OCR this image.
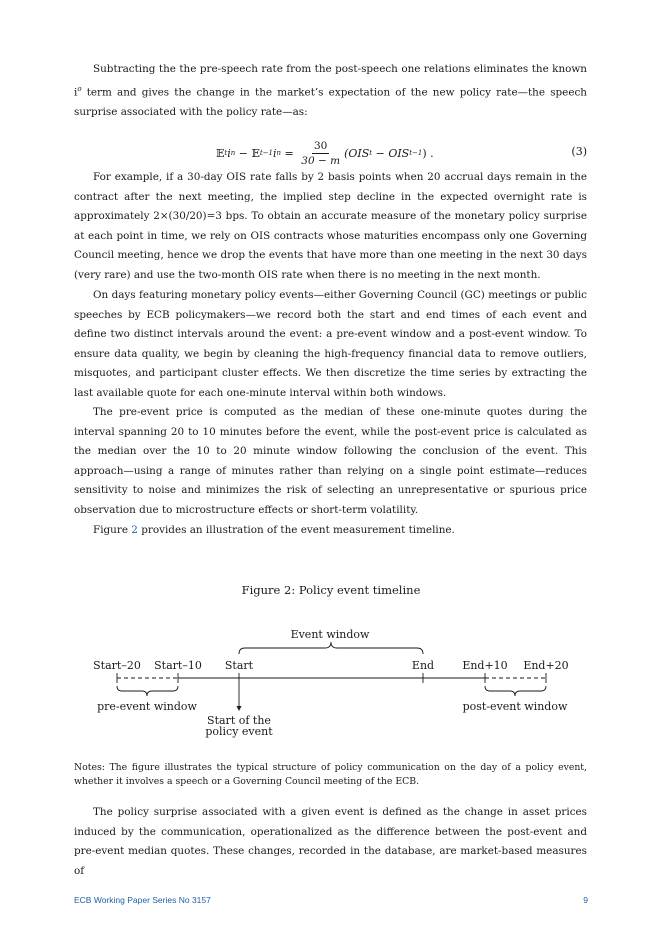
Subtracting the the pre-speech rate from the post-speech one relations eliminates the known $i^o$ term and gives the change in the market’s expectation of the new policy rate—the speech surprise associated with the policy rate—as:

𝔼 t i n − 𝔼 t−1 i $n = \frac{30}{30 - m} (OIS$ t − OIS t−1 ) .	(3)

For example, if a 30-day OIS rate falls by 2 basis points when 20 accrual days remain in the contract after the next meeting, the implied step decline in the expected overnight rate is approximately 2×(30/20)=3 bps. To obtain an accurate measure of the monetary policy surprise at each point in time, we rely on OIS contracts whose maturities encompass only one Governing Council meeting, hence we drop the events that have more than one meeting in the next 30 days (very rare) and use the two-month OIS rate when there is no meeting in the next month.

On days featuring monetary policy events—either Governing Council (GC) meetings or public speeches by ECB policymakers—we record both the start and end times of each event and define two distinct intervals around the event: a pre-event window and a post-event window. To ensure data quality, we begin by cleaning the high-frequency financial data to remove outliers, misquotes, and participant cluster effects. We then discretize the time series by extracting the last available quote for each one-minute interval within both windows.

The pre-event price is computed as the median of these one-minute quotes during the interval spanning 20 to 10 minutes before the event, while the post-event price is calculated as the median over the 10 to 20 minute window following the conclusion of the event. This approach—using a range of minutes rather than relying on a single point estimate—reduces sensitivity to noise and minimizes the risk of selecting an unrepresentative or spurious price observation due to microstructure effects or short-term volatility.

Figure 2 provides an illustration of the event measurement timeline.

Figure 2: Policy event timeline
Event window
Start–20 Start–10 Start	End	End+10 End+20
pre-event window	post-event window
Start of the
policy event

Notes: The figure illustrates the typical structure of policy communication on the day of a policy event, whether it involves a speech or a Governing Council meeting of the ECB.

The policy surprise associated with a given event is defined as the change in asset prices induced by the communication, operationalized as the difference between the post-event and pre-event median quotes. These changes, recorded in the database, are market-based measures of

ECB Working Paper Series No 3157	9
